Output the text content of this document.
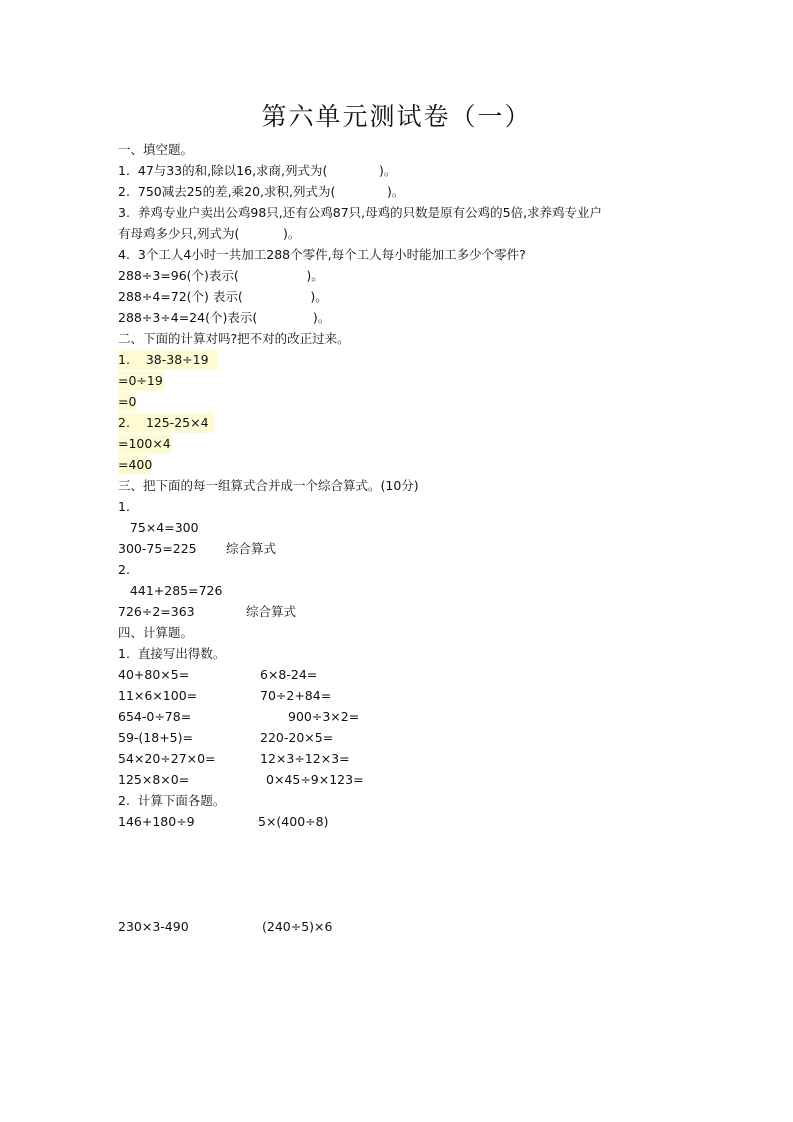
第六单元测试卷（一）
一、填空题。
1.  47与33的和,除以16,求商,列式为(             )。
2.  750减去25的差,乘20,求积,列式为(             )。
3.  养鸡专业户卖出公鸡98只,还有公鸡87只,母鸡的只数是原有公鸡的5倍,求养鸡专业户
有母鸡多少只,列式为(           )。
4.  3个工人4小时一共加工288个零件,每个工人每小时能加工多少个零件?
288÷3=96(个)表示(                 )。
288÷4=72(个) 表示(                 )。
288÷3÷4=24(个)表示(              )。
二、下面的计算对吗?把不对的改正过来。
1.    38-38÷19
=0÷19
=0
2.    125-25×4
=100×4
=400
三、把下面的每一组算式合并成一个综合算式。(10分)
1.
75×4=300
300-75=225 综合算式
2.
441+285=726
726÷2=363	综合算式
四、计算题。
1.  直接写出得数。
40+80×5=	6×8-24=
11×6×100=	70÷2+84=
654-0÷78=	900÷3×2=
59-(18+5)=	220-20×5=
54×20÷27×0=	12×3÷12×3=
125×8×0=	0×45÷9×123=
2.  计算下面各题。
146+180÷9	5×(400÷8)
230×3-490	(240÷5)×6
